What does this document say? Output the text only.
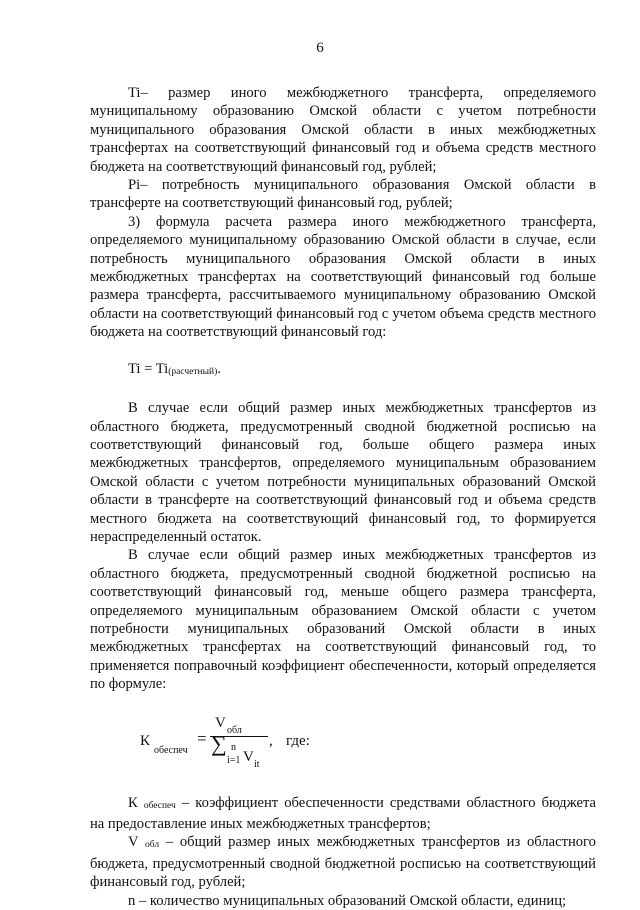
6

Ti– размер иного межбюджетного трансферта, определяемого муниципальному образованию Омской области с учетом потребности муниципального образования Омской области в иных межбюджетных трансфертах на соответствующий финансовый год и объема средств местного бюджета на соответствующий финансовый год, рублей;

Pi– потребность муниципального образования Омской области в трансферте на соответствующий финансовый год, рублей;

3) формула расчета размера иного межбюджетного трансферта, определяемого муниципальному образованию Омской области в случае, если потребность муниципального образования Омской области в иных межбюджетных трансфертах на соответствующий финансовый год больше размера трансферта, рассчитываемого муниципальному образованию Омской области на соответствующий финансовый год с учетом объема средств местного бюджета на соответствующий финансовый год:

Ti = Ti(расчетный).

В случае если общий размер иных межбюджетных трансфертов из областного бюджета, предусмотренный сводной бюджетной росписью на соответствующий финансовый год, больше общего размера иных межбюджетных трансфертов, определяемого муниципальным образованием Омской области с учетом потребности муниципальных образований Омской области в трансферте на соответствующий финансовый год и объема средств местного бюджета на соответствующий финансовый год, то формируется нераспределенный остаток.

В случае если общий размер иных межбюджетных трансфертов из областного бюджета, предусмотренный сводной бюджетной росписью на соответствующий финансовый год, меньше общего размера трансферта, определяемого муниципальным образованием Омской области с учетом потребности муниципальных образований Омской области в иных межбюджетных трансфертах на соответствующий финансовый год, то применяется поправочный коэффициент обеспеченности, который определяется по формуле:

К
обеспеч
=
V обл
∑ n
i=1 V it
, где:

К обеспеч – коэффициент обеспеченности средствами областного бюджета на предоставление иных межбюджетных трансфертов;

V обл – общий размер иных межбюджетных трансфертов из областного бюджета, предусмотренный сводной бюджетной росписью на соответствующий финансовый год, рублей;

n – количество муниципальных образований Омской области, единиц;
